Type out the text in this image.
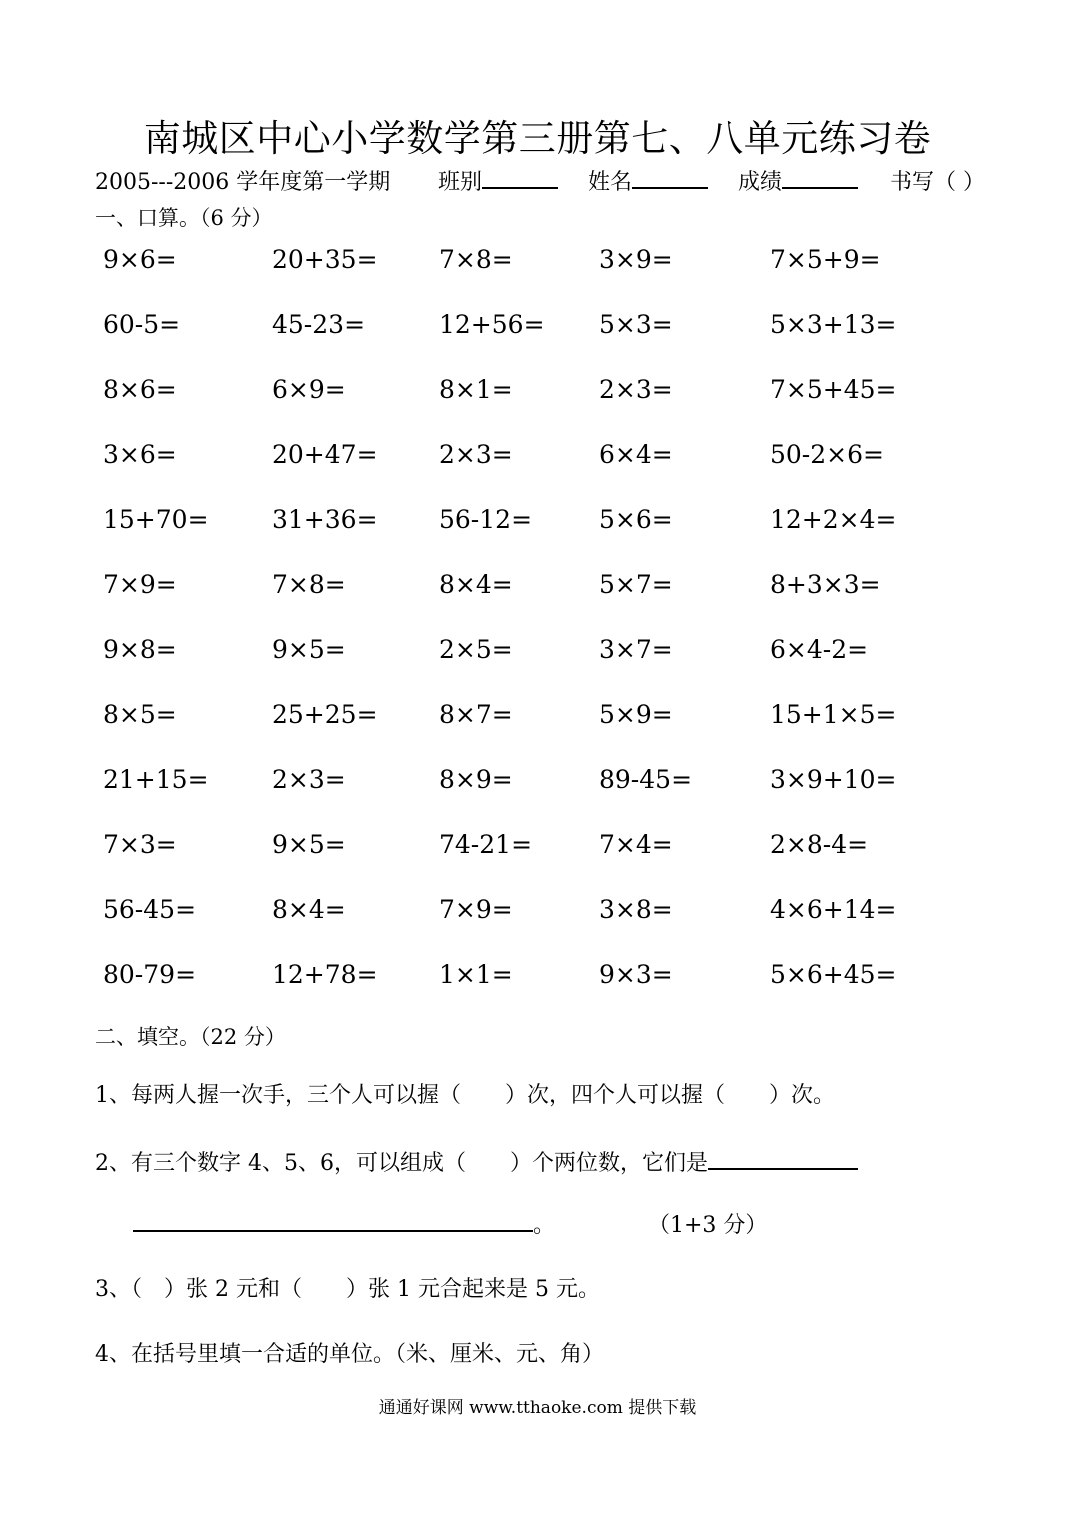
南城区中心小学数学第三册第七、八单元练习卷
2005---2006 学年度第一学期 班别	姓名	成绩	书写（ ）
一、口算。（6 分）
9×6=	20+35= 7×8=	3×9=	7×5+9=
60-5=	45-23=	12+56= 5×3=	5×3+13=
8×6=	6×9=	8×1=	2×3=	7×5+45=
3×6=	20+47= 2×3=	6×4=	50-2×6=
15+70=	31+36= 56-12=	5×6=	12+2×4=
7×9=	7×8=	8×4=	5×7=	8+3×3=
9×8=	9×5=	2×5=	3×7=	6×4-2=
8×5=	25+25= 8×7=	5×9=	15+1×5=
21+15=	2×3=	8×9=	89-45=	3×9+10=
7×3=	9×5=	74-21=	7×4=	2×8-4=
56-45=	8×4=	7×9=	3×8=	4×6+14=
80-79=	12+78= 1×1=	9×3=	5×6+45=
二、填空。（22 分）
1、每两人握一次手，三个人可以握（　　）次，四个人可以握（　　）次。
2、有三个数字 4、5、6，可以组成（　　）个两位数，它们是
。	（1+3 分）
3、（　）张 2 元和（　　）张 1 元合起来是 5 元。
4、在括号里填一合适的单位。（米、厘米、元、角）
通通好课网 www.tthaoke.com 提供下载
